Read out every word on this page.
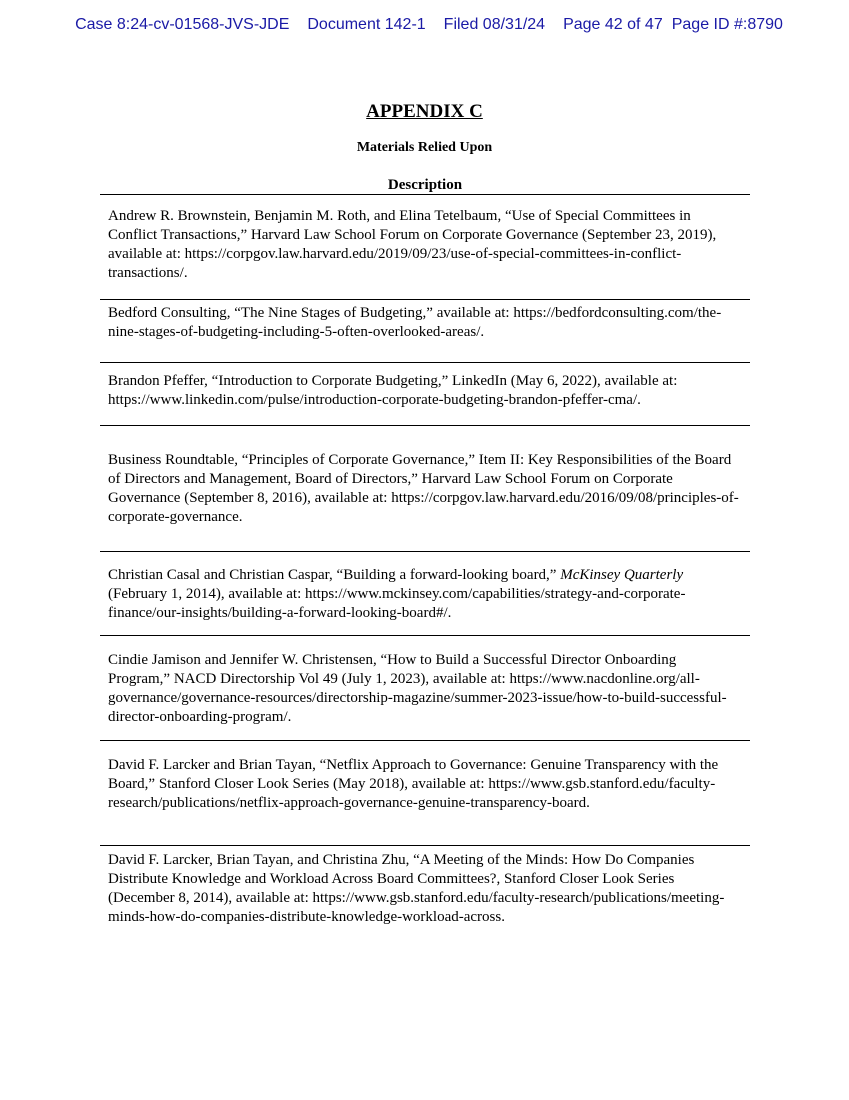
Case 8:24-cv-01568-JVS-JDE Document 142-1 Filed 08/31/24 Page 42 of 47 Page ID #:8790
APPENDIX C
Materials Relied Upon
Description

Andrew R. Brownstein, Benjamin M. Roth, and Elina Tetelbaum, “Use of Special Committees in Conflict Transactions,” Harvard Law School Forum on Corporate Governance (September 23, 2019), available at: https://corpgov.law.harvard.edu/2019/09/23/use-of-special-committees-in-conflict-transactions/.

Bedford Consulting, “The Nine Stages of Budgeting,” available at: https://bedfordconsulting.com/the-nine-stages-of-budgeting-including-5-often-overlooked-areas/.

Brandon Pfeffer, “Introduction to Corporate Budgeting,” LinkedIn (May 6, 2022), available at: https://www.linkedin.com/pulse/introduction-corporate-budgeting-brandon-pfeffer-cma/.

Business Roundtable, “Principles of Corporate Governance,” Item II: Key Responsibilities of the Board of Directors and Management, Board of Directors,” Harvard Law School Forum on Corporate Governance (September 8, 2016), available at: https://corpgov.law.harvard.edu/2016/09/08/principles-of-corporate-governance.

Christian Casal and Christian Caspar, “Building a forward-looking board,” McKinsey Quarterly (February 1, 2014), available at: https://www.mckinsey.com/capabilities/strategy-and-corporate-finance/our-insights/building-a-forward-looking-board#/.

Cindie Jamison and Jennifer W. Christensen, “How to Build a Successful Director Onboarding Program,” NACD Directorship Vol 49 (July 1, 2023), available at: https://www.nacdonline.org/all-governance/governance-resources/directorship-magazine/summer-2023-issue/how-to-build-successful-director-onboarding-program/.

David F. Larcker and Brian Tayan, “Netflix Approach to Governance: Genuine Transparency with the Board,” Stanford Closer Look Series (May 2018), available at: https://www.gsb.stanford.edu/faculty-research/publications/netflix-approach-governance-genuine-transparency-board.

David F. Larcker, Brian Tayan, and Christina Zhu, “A Meeting of the Minds: How Do Companies Distribute Knowledge and Workload Across Board Committees?, Stanford Closer Look Series (December 8, 2014), available at: https://www.gsb.stanford.edu/faculty-research/publications/meeting-minds-how-do-companies-distribute-knowledge-workload-across.
